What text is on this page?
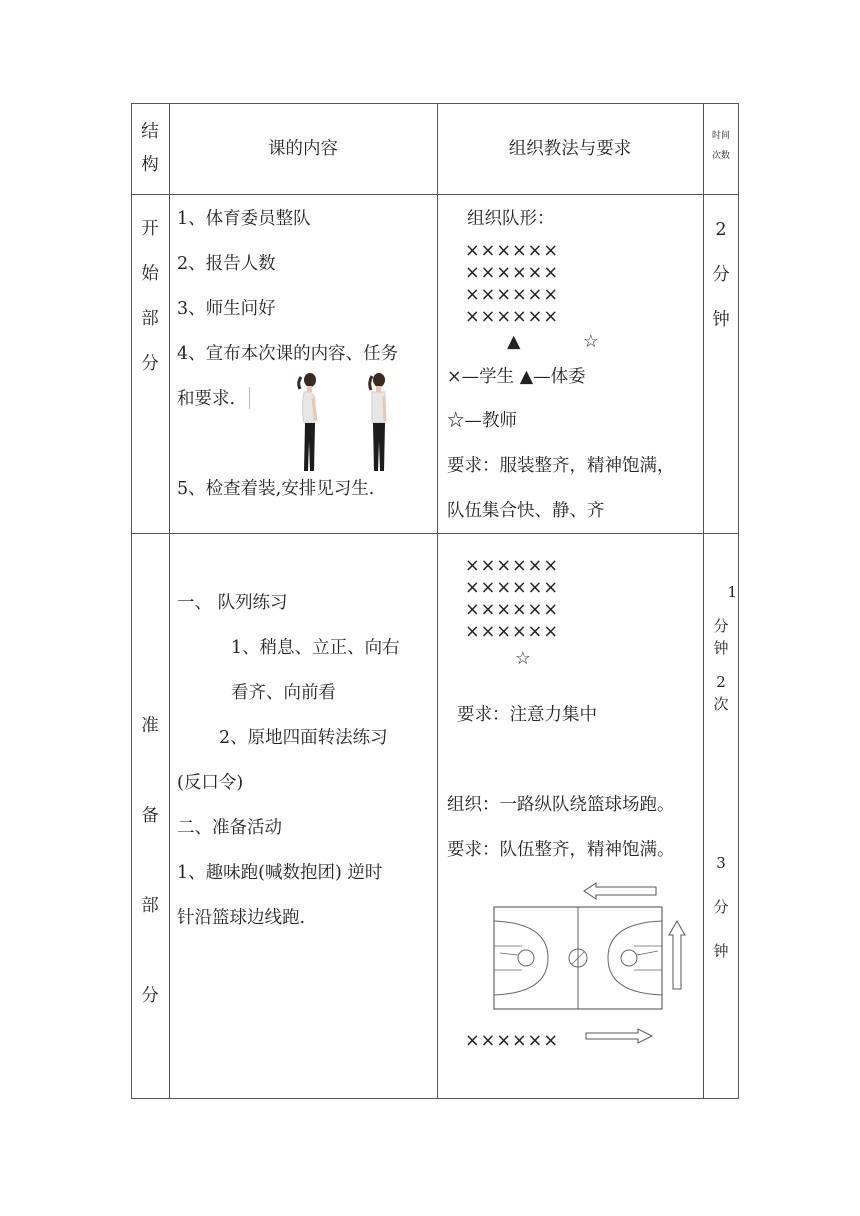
结
构
课的内容	组织教法与要求
时间
次数
开
始
部
分
1、体育委员整队
2、报告人数
3、师生问好
4、宣布本次课的内容、任务
和要求.
5、检查着装,安排见习生.
组织队形：
××××××
××××××
××××××
××××××
▲	☆
×—学生 ▲—体委
☆—教师
要求：服装整齐，精神饱满，
队伍集合快、静、齐
2
分
钟
准
备
部
分
一、 队列练习
1、稍息、立正、向右
看齐、向前看
2、原地四面转法练习
(反口令)
二、准备活动
1、趣味跑(喊数抱团) 逆时
针沿篮球边线跑.
××××××
××××××
××××××
××××××
☆
要求：注意力集中
组织：一路纵队绕篮球场跑。
要求：队伍整齐，精神饱满。
××××××
1
分
钟
2
次
3
分
钟
